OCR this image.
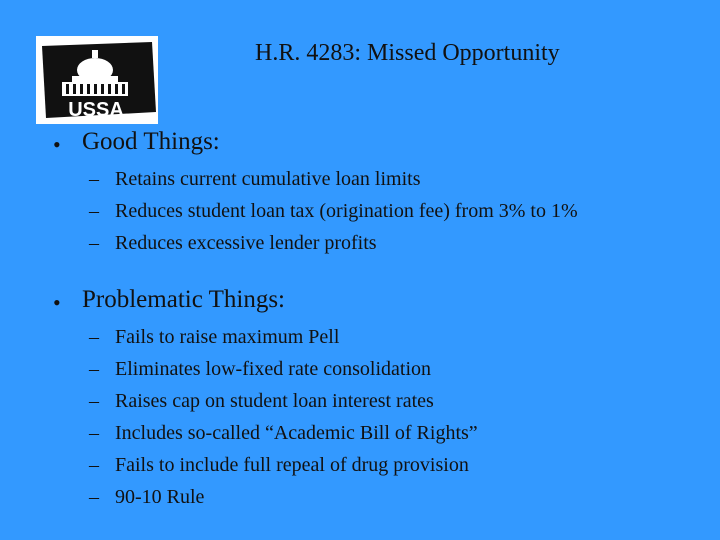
USSA
H.R. 4283: Missed Opportunity
• Good Things:
– Retains current cumulative loan limits
– Reduces student loan tax (origination fee) from 3% to 1%
– Reduces excessive lender profits
• Problematic Things:
– Fails to raise maximum Pell
– Eliminates low-fixed rate consolidation
– Raises cap on student loan interest rates
– Includes so-called “Academic Bill of Rights”
– Fails to include full repeal of drug provision
– 90-10 Rule
